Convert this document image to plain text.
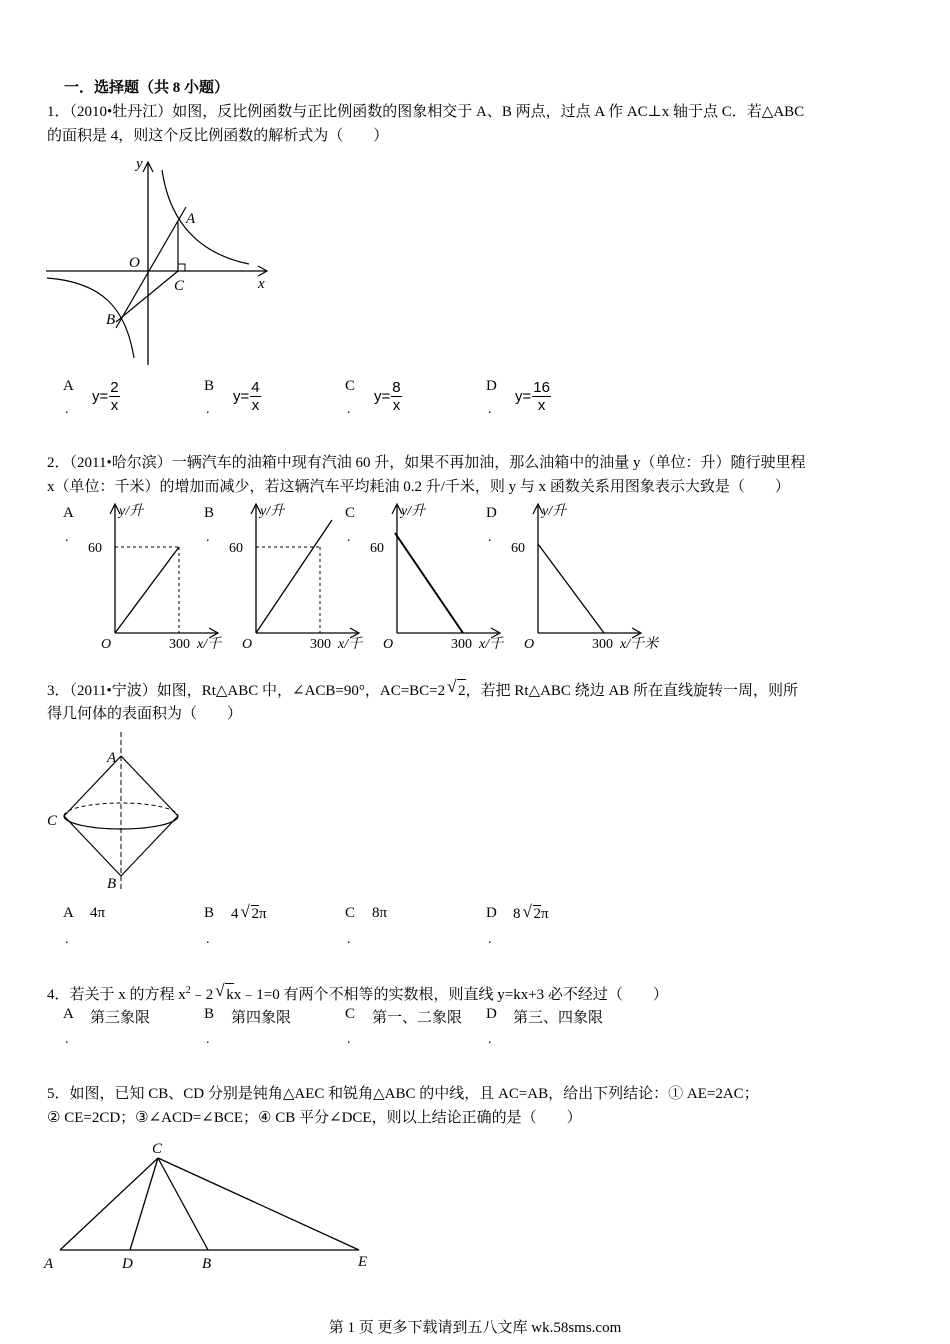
一．选择题（共 8 小题）
1．（2010•牡丹江）如图，反比例函数与正比例函数的图象相交于 A、B 两点，过点 A 作 AC⊥x 轴于点 C．若△ABC
的面积是 4，则这个反比例函数的解析式为（　　）
y
x
O
A
B
C
A
.
$y= \frac{2}{x}$	B
.
$y= \frac{4}{x}$	C
.
$y= \frac{8}{x}$	D
.
$y= \frac{16}{x}$
2．（2011•哈尔滨）一辆汽车的油箱中现有汽油 60 升，如果不再加油，那么油箱中的油量 y（单位：升）随行驶里程
x（单位：千米）的增加而减少，若这辆汽车平均耗油 0.2 升/千米，则 y 与 x 函数关系用图象表示大致是（　　）
A
.
B
.
C
.
D
.
y/升
60
O	300 x/千
y/升
60
O	300 x/千
y/升
60
O	300 x/千
y/升
60
O	300 x/千米
3．（2011•宁波）如图，Rt△ABC 中，∠ACB=90°，AC=BC=2 √ 2，若把 Rt△ABC 绕边 AB 所在直线旋转一周，则所
得几何体的表面积为（　　）
A
C
B
A
.
4π	B
.
4 √ 2π	C
.
8π	D
.
8 √ 2π
4．若关于 x 的方程 $x^2﹣2$ √ kx﹣1=0 有两个不相等的实数根，则直线 y=kx+3 必不经过（　　）
A
.
第三象限	B
.
第四象限	C
.
第一、二象限 D
.
第三、四象限
5．如图，已知 CB、CD 分别是钝角△AEC 和锐角△ABC 的中线，且 AC=AB，给出下列结论：① AE=2AC；
② CE=2CD；③∠ACD=∠BCE；④ CB 平分∠DCE，则以上结论正确的是（　　）
C
A	D	B	E
第 1 页 更多下载请到五八文库 wk.58sms.com
